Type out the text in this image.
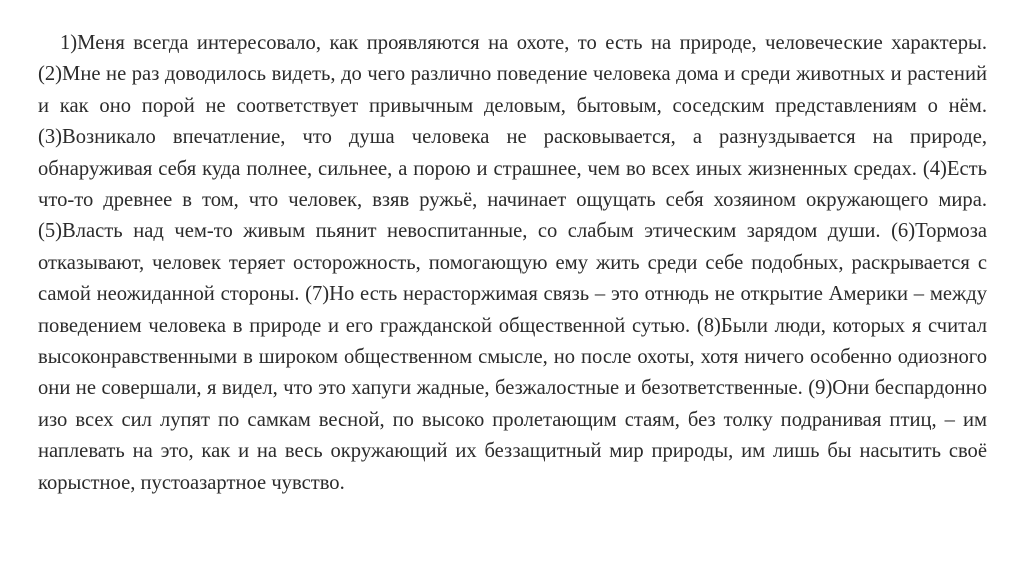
1)Меня всегда интересовало, как проявляются на охоте, то есть на природе, человеческие характеры. (2)Мне не раз доводилось видеть, до чего различно поведение человека дома и среди животных и растений и как оно порой не соответствует привычным деловым, бытовым, соседским представлениям о нём. (3)Возникало впечатление, что душа человека не расковывается, а разнуздывается на природе, обнаруживая себя куда полнее, сильнее, а порою и страшнее, чем во всех иных жизненных средах. (4)Есть что-то древнее в том, что человек, взяв ружьё, начинает ощущать себя хозяином окружающего мира. (5)Власть над чем-то живым пьянит невоспитанные, со слабым этическим зарядом души. (6)Тормоза отказывают, человек теряет осторожность, помогающую ему жить среди себе подобных, раскрывается с самой неожиданной стороны. (7)Но есть нерасторжимая связь – это отнюдь не открытие Америки – между поведением человека в природе и его гражданской общественной сутью. (8)Были люди, которых я считал высоконравственными в широком общественном смысле, но после охоты, хотя ничего особенно одиозного они не совершали, я видел, что это хапуги жадные, безжалостные и безответственные. (9)Они беспардонно изо всех сил лупят по самкам весной, по высоко пролетающим стаям, без толку подранивая птиц, – им наплевать на это, как и на весь окружающий их беззащитный мир природы, им лишь бы насытить своё корыстное, пустоазартное чувство.
